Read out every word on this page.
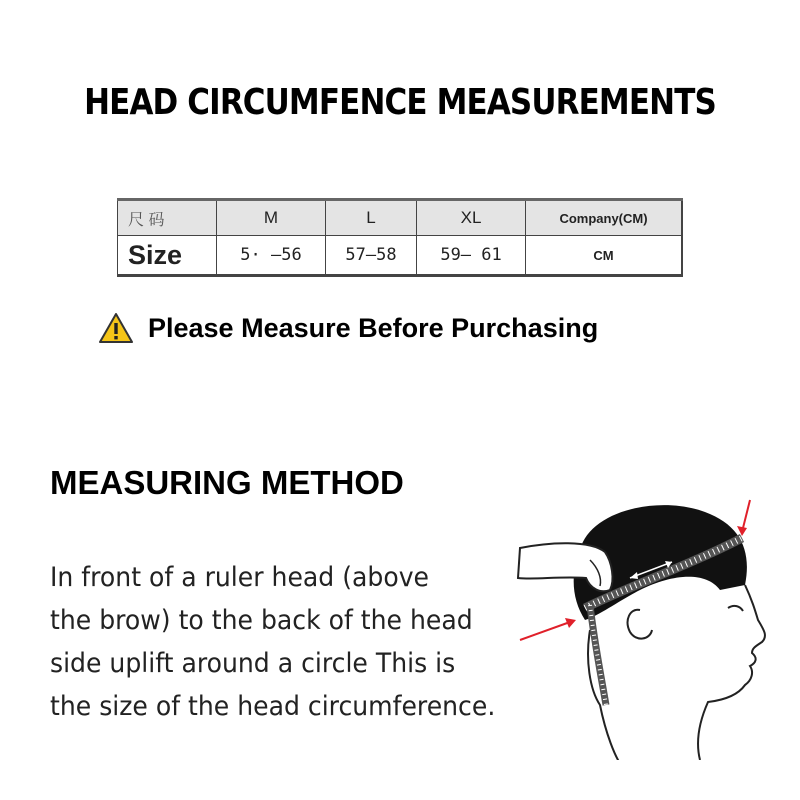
HEAD CIRCUMFENCE MEASUREMENTS
尺 码	M	L	XL	Company(CM)
Size	5· –56	57–58	59– 61	CM
Please Measure Before Purchasing
MEASURING METHOD
In front of a ruler head (above
the brow) to the back of the head
side uplift around a circle This is
the size of the head circumference.
